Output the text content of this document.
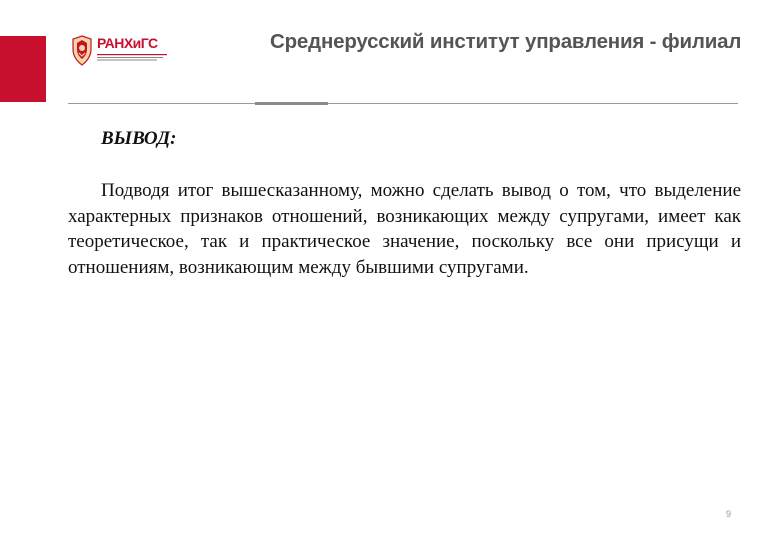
РАНХиГС	Среднерусский институт управления - филиал
ВЫВОД:

Подводя итог вышесказанному, можно сделать вывод о том, что выделение характерных признаков отношений, возникающих между супругами, имеет как теоретическое, так и практическое значение, поскольку все они присущи и отношениям, возникающим между бывшими супругами.

9
